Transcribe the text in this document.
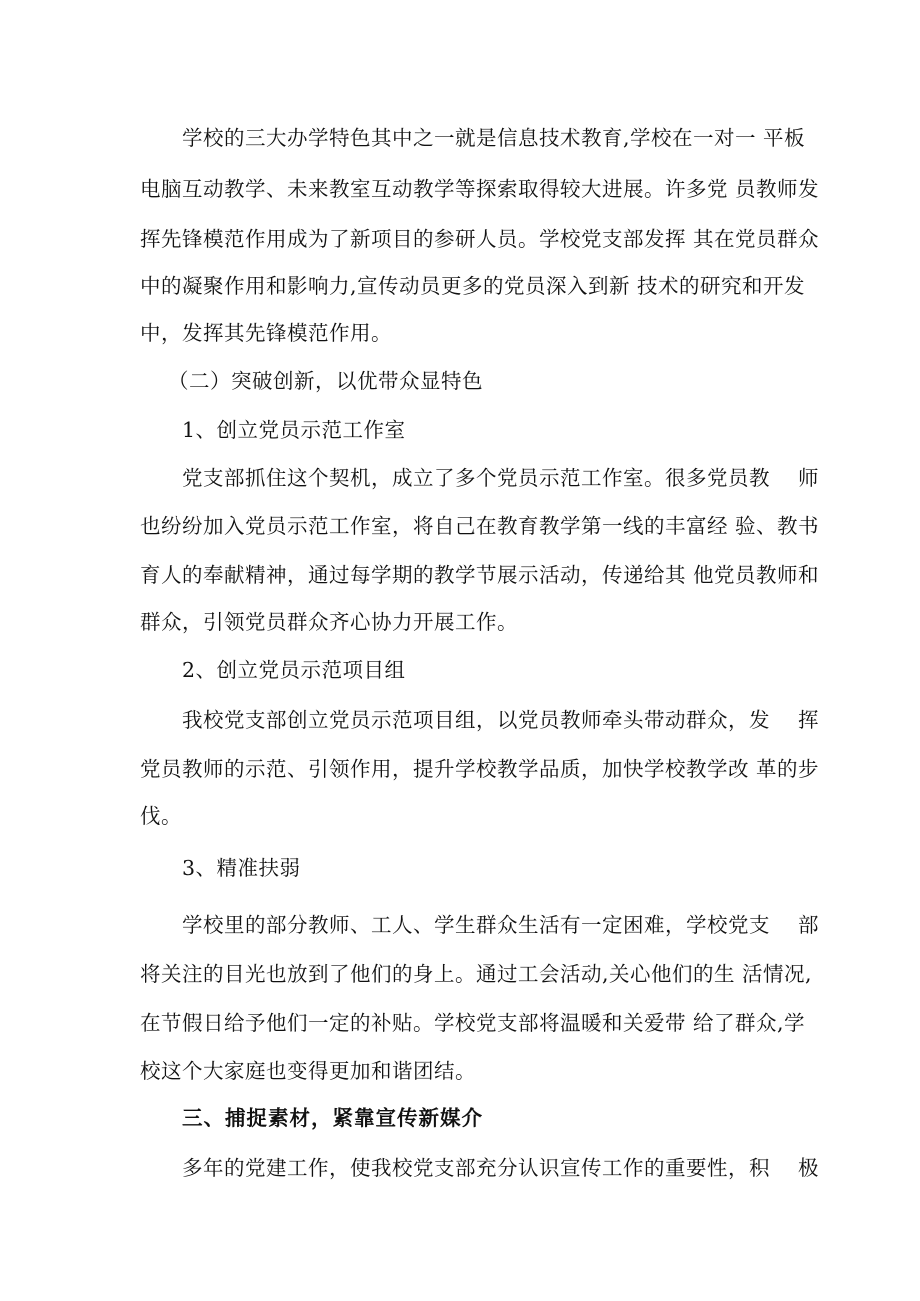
学校的三大办学特色其中之一就是信息技术教育,学校在一对一 平板
电脑互动教学、未来教室互动教学等探索取得较大进展。许多党 员教师发
挥先锋模范作用成为了新项目的参研人员。学校党支部发挥 其在党员群众
中的凝聚作用和影响力,宣传动员更多的党员深入到新 技术的研究和开发
中，发挥其先锋模范作用。
（二）突破创新，以优带众显特色
1、创立党员示范工作室
党支部抓住这个契机，成立了多个党员示范工作室。很多党员教　 师
也纷纷加入党员示范工作室，将自己在教育教学第一线的丰富经 验、教书
育人的奉献精神，通过每学期的教学节展示活动，传递给其 他党员教师和
群众，引领党员群众齐心协力开展工作。
2、创立党员示范项目组
我校党支部创立党员示范项目组，以党员教师牵头带动群众，发　 挥
党员教师的示范、引领作用，提升学校教学品质，加快学校教学改 革的步
伐。
3、精准扶弱
学校里的部分教师、工人、学生群众生活有一定困难，学校党支　 部
将关注的目光也放到了他们的身上。通过工会活动,关心他们的生 活情况,
在节假日给予他们一定的补贴。学校党支部将温暖和关爱带 给了群众,学
校这个大家庭也变得更加和谐团结。
三、捕捉素材，紧靠宣传新媒介
多年的党建工作，使我校党支部充分认识宣传工作的重要性，积　 极
